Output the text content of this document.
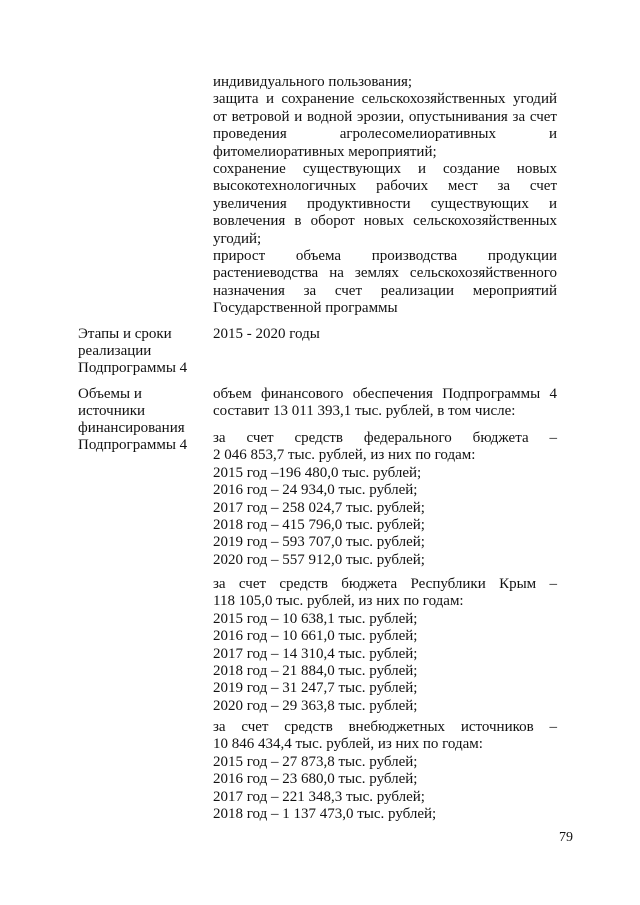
индивидуального пользования;
защита и сохранение сельскохозяйственных угодий
от ветровой и водной эрозии, опустынивания за счет
проведения агролесомелиоративных и
фитомелиоративных мероприятий;
сохранение существующих и создание новых
высокотехнологичных рабочих мест за счет
увеличения продуктивности существующих и
вовлечения в оборот новых сельскохозяйственных
угодий;
прирост объема производства продукции
растениеводства на землях сельскохозяйственного
назначения за счет реализации мероприятий
Государственной программы
Этапы и сроки
реализации
Подпрограммы 4
2015 - 2020 годы
Объемы и
источники
финансирования
Подпрограммы 4
объем финансового обеспечения Подпрограммы 4
составит 13 011 393,1 тыс. рублей, в том числе:
за счет средств федерального бюджета –
2 046 853,7 тыс. рублей, из них по годам:
2015 год –196 480,0 тыс. рублей;
2016 год – 24 934,0 тыс. рублей;
2017 год – 258 024,7 тыс. рублей;
2018 год – 415 796,0 тыс. рублей;
2019 год – 593 707,0 тыс. рублей;
2020 год – 557 912,0 тыс. рублей;
за счет средств бюджета Республики Крым –
118 105,0 тыс. рублей, из них по годам:
2015 год – 10 638,1 тыс. рублей;
2016 год – 10 661,0 тыс. рублей;
2017 год – 14 310,4 тыс. рублей;
2018 год – 21 884,0 тыс. рублей;
2019 год – 31 247,7 тыс. рублей;
2020 год – 29 363,8 тыс. рублей;
за счет средств внебюджетных источников –
10 846 434,4 тыс. рублей, из них по годам:
2015 год – 27 873,8 тыс. рублей;
2016 год – 23 680,0 тыс. рублей;
2017 год – 221 348,3 тыс. рублей;
2018 год – 1 137 473,0 тыс. рублей;
79
